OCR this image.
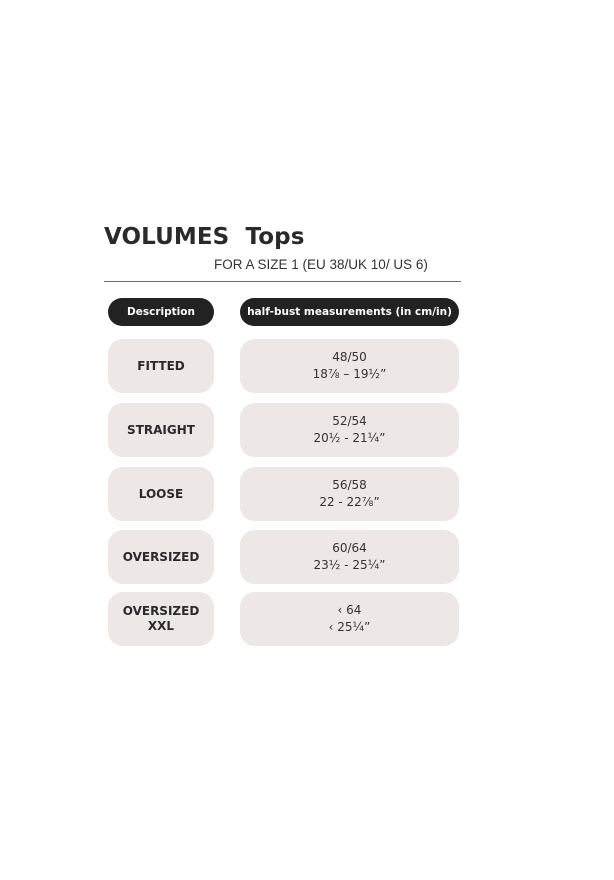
VOLUMES  Tops
FOR A SIZE 1 (EU 38/UK 10/ US 6)
Description	half-bust measurements (in cm/in)
FITTED
48/50
18⅞ – 19½”
STRAIGHT
52/54
20½ - 21¼”
LOOSE
56/58
22 - 22⅞”
OVERSIZED
60/64
23½ - 25¼”
OVERSIZED
XXL
‹ 64
‹ 25¼”
